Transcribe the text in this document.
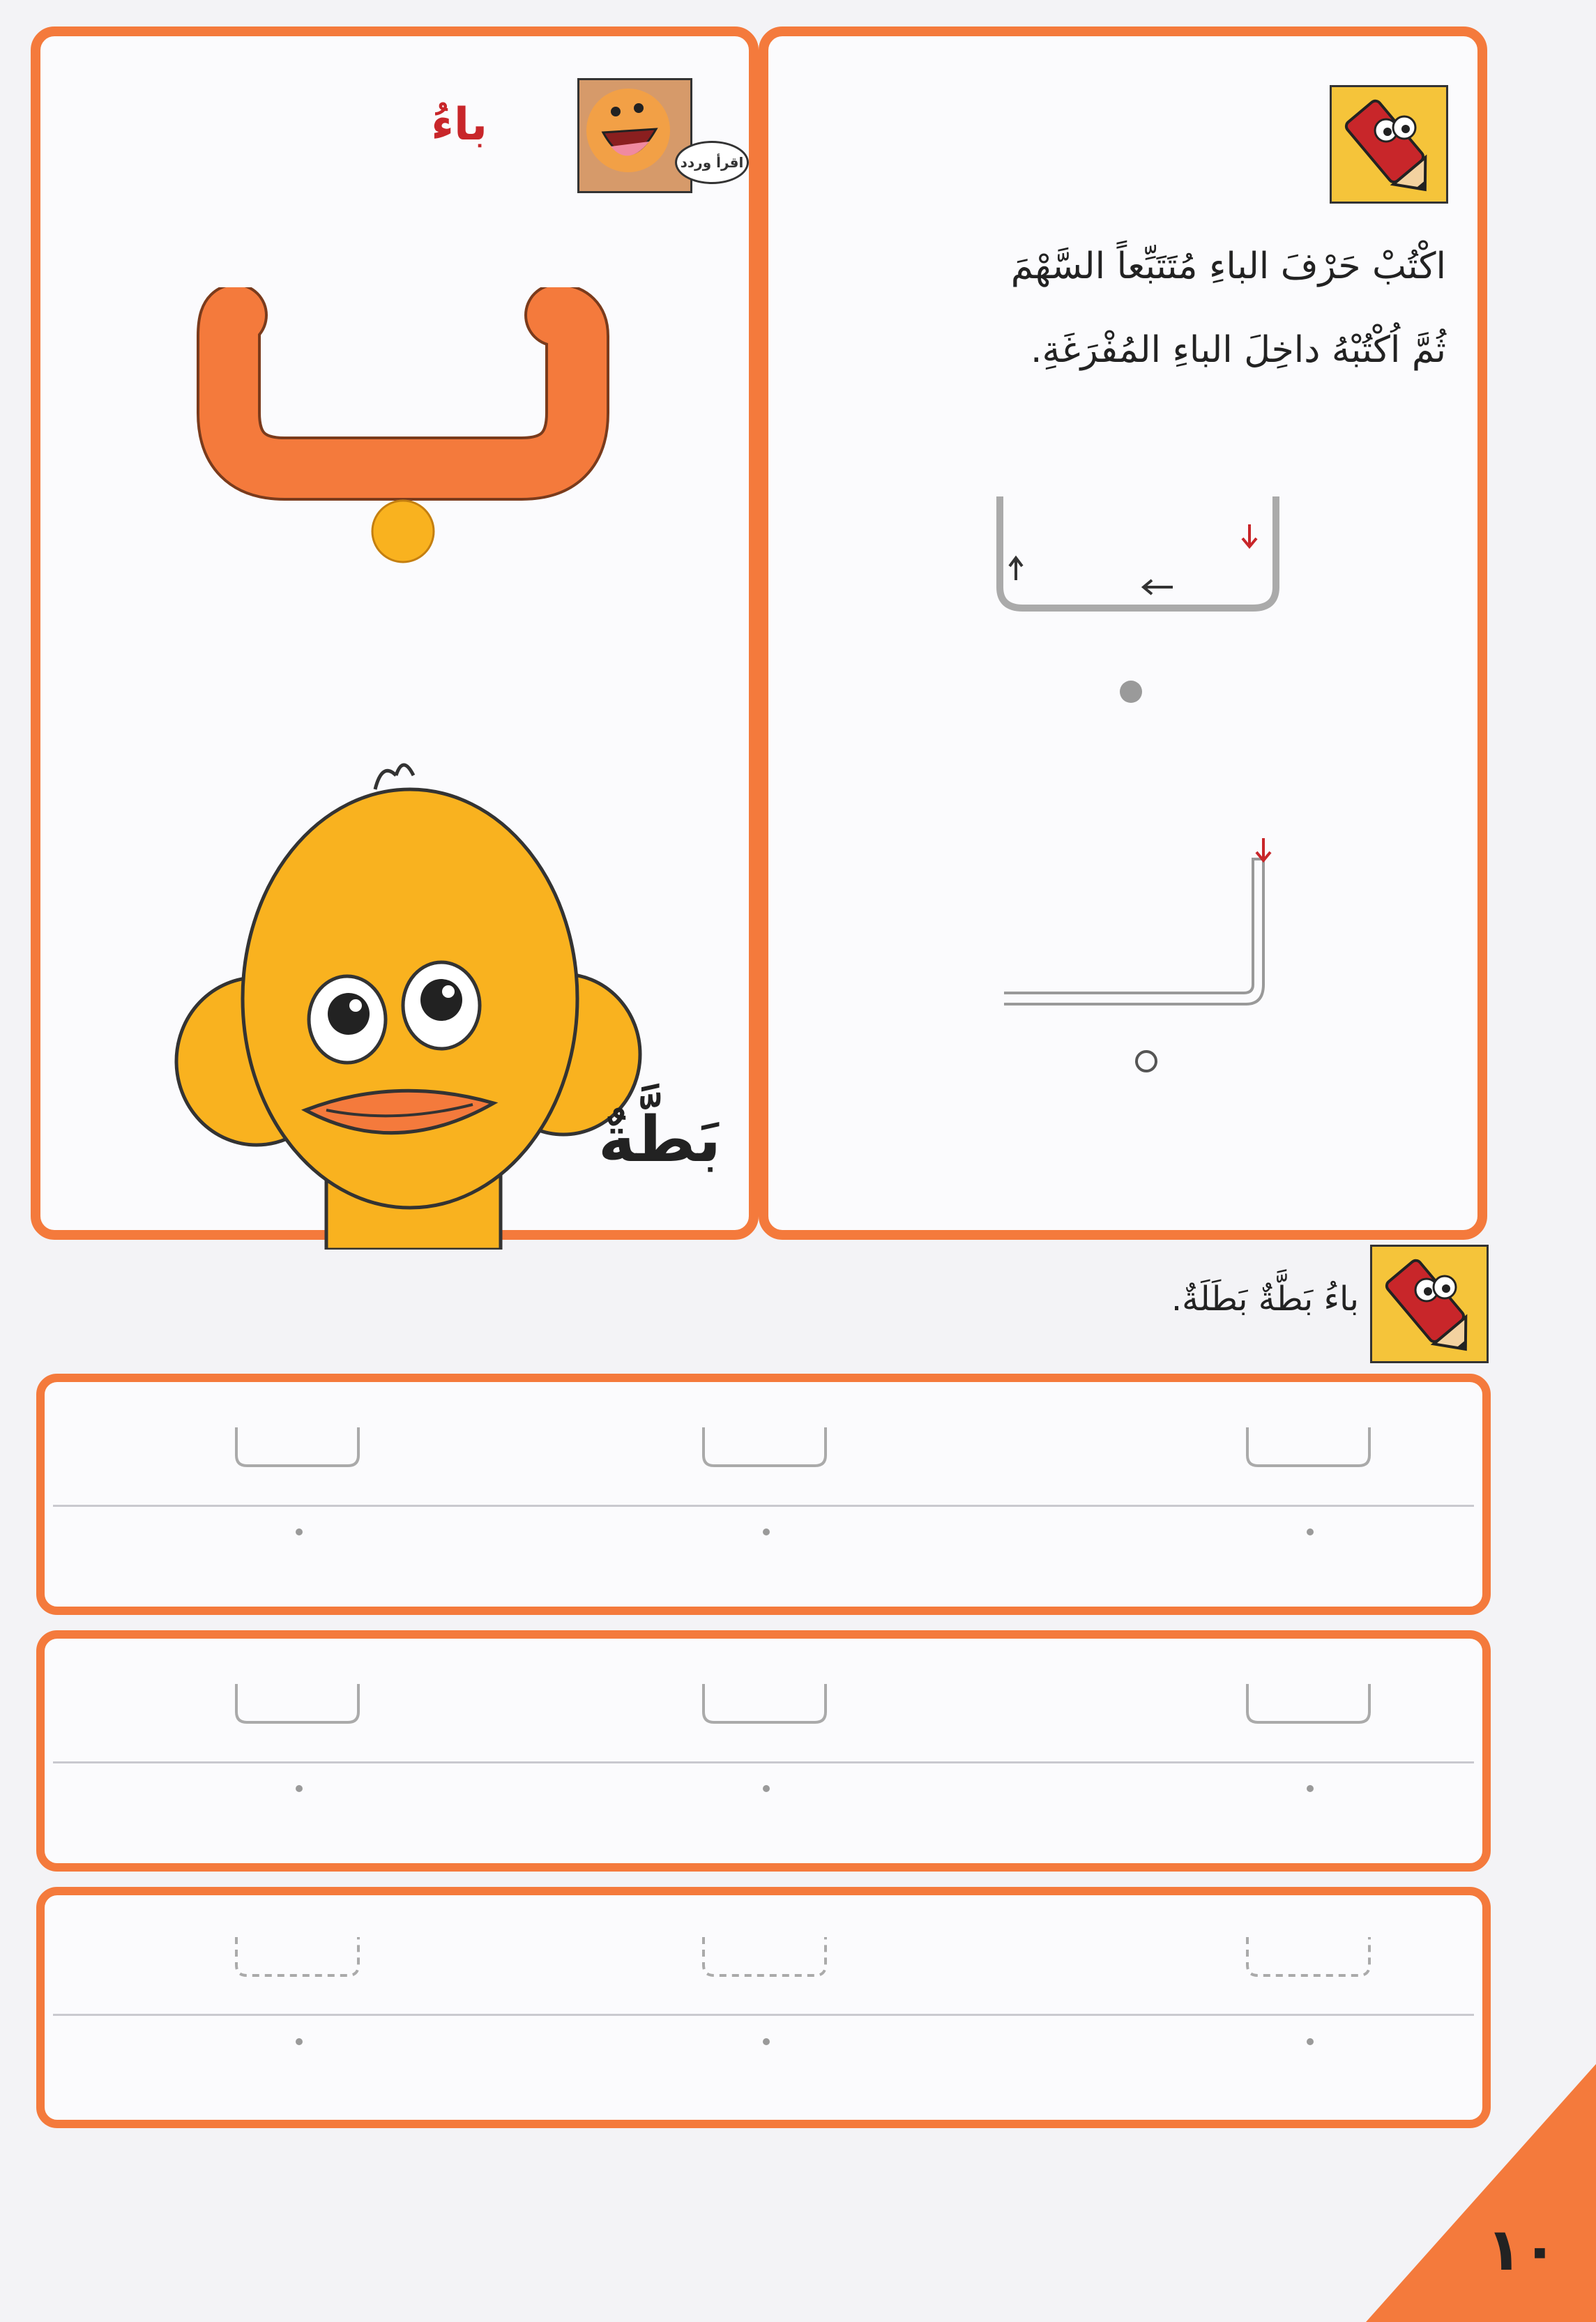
اقرأ وردد
باءُ
بَطَّةٌ
اكْتُبْ حَرْفَ الباءِ مُتَتَبِّعاً السَّهْمَ
ثُمَّ اُكْتُبْهُ داخِلَ الباءِ المُفْرَغَةِ.
باءُ بَطَّةٌ بَطَلَةٌ.
١٠
